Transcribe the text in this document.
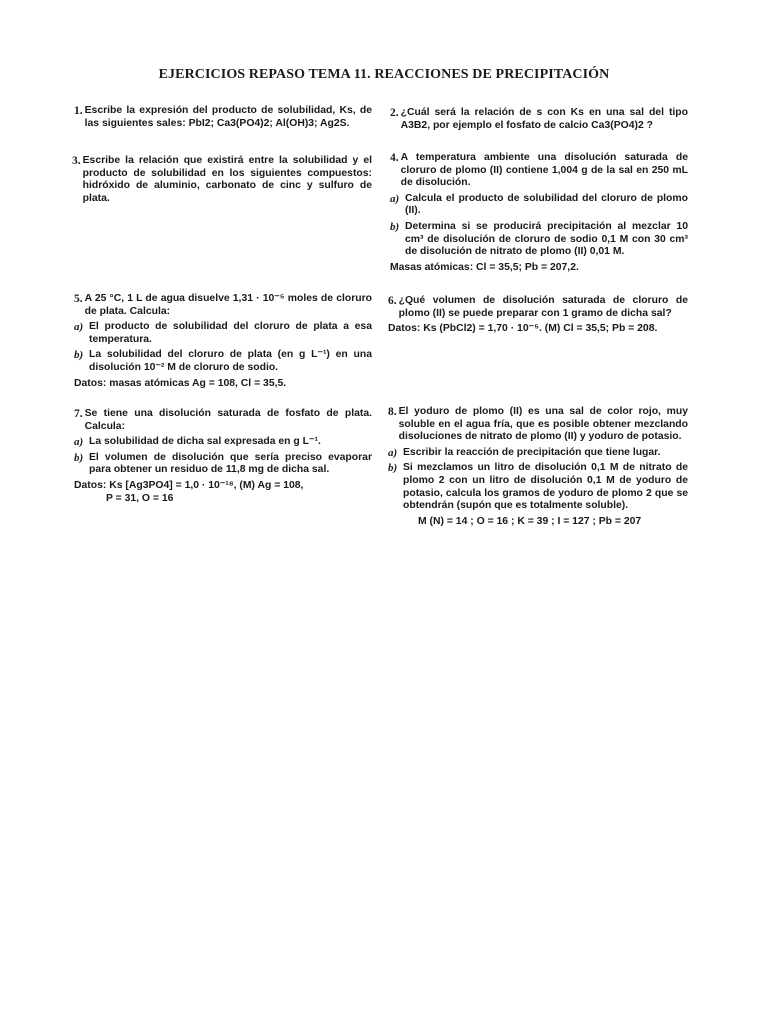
EJERCICIOS REPASO TEMA 11. REACCIONES DE PRECIPITACIÓN
1. Escribe la expresión del producto de solubilidad, Ks, de las siguientes sales: PbI2; Ca3(PO4)2; Al(OH)3; Ag2S.
2. ¿Cuál será la relación de s con Ks en una sal del tipo A3B2, por ejemplo el fosfato de calcio Ca3(PO4)2 ?
3. Escribe la relación que existirá entre la solubilidad y el producto de solubilidad en los siguientes compuestos: hidróxido de aluminio, carbonato de cinc y sulfuro de plata.
4. A temperatura ambiente una disolución saturada de cloruro de plomo (II) contiene 1,004 g de la sal en 250 mL de disolución.
a) Calcula el producto de solubilidad del cloruro de plomo (II).
b) Determina si se producirá precipitación al mezclar 10 cm³ de disolución de cloruro de sodio 0,1 M con 30 cm³ de disolución de nitrato de plomo (II) 0,01 M.
Masas atómicas: Cl = 35,5; Pb = 207,2.
5. A 25 °C, 1 L de agua disuelve 1,31 · 10⁻⁵ moles de cloruro de plata. Calcula:
a) El producto de solubilidad del cloruro de plata a esa temperatura.
b) La solubilidad del cloruro de plata (en g L⁻¹) en una disolución 10⁻² M de cloruro de sodio.
Datos: masas atómicas Ag = 108, Cl = 35,5.
6. ¿Qué volumen de disolución saturada de cloruro de plomo (II) se puede preparar con 1 gramo de dicha sal?
Datos: Ks (PbCl2) = 1,70 · 10⁻⁵. (M) Cl = 35,5; Pb = 208.
7. Se tiene una disolución saturada de fosfato de plata. Calcula:
a) La solubilidad de dicha sal expresada en g L⁻¹.
b) El volumen de disolución que sería preciso evaporar para obtener un residuo de 11,8 mg de dicha sal.
Datos: Ks [Ag3PO4] = 1,0 · 10⁻¹⁸, (M) Ag = 108,
P = 31, O = 16
8. El yoduro de plomo (II) es una sal de color rojo, muy soluble en el agua fría, que es posible obtener mezclando disoluciones de nitrato de plomo (II) y yoduro de potasio.
a) Escribir la reacción de precipitación que tiene lugar.
b) Si mezclamos un litro de disolución 0,1 M de nitrato de plomo 2 con un litro de disolución 0,1 M de yoduro de potasio, calcula los gramos de yoduro de plomo 2 que se obtendrán (supón que es totalmente soluble).
M (N) = 14 ; O = 16 ; K = 39 ; I = 127 ; Pb = 207
